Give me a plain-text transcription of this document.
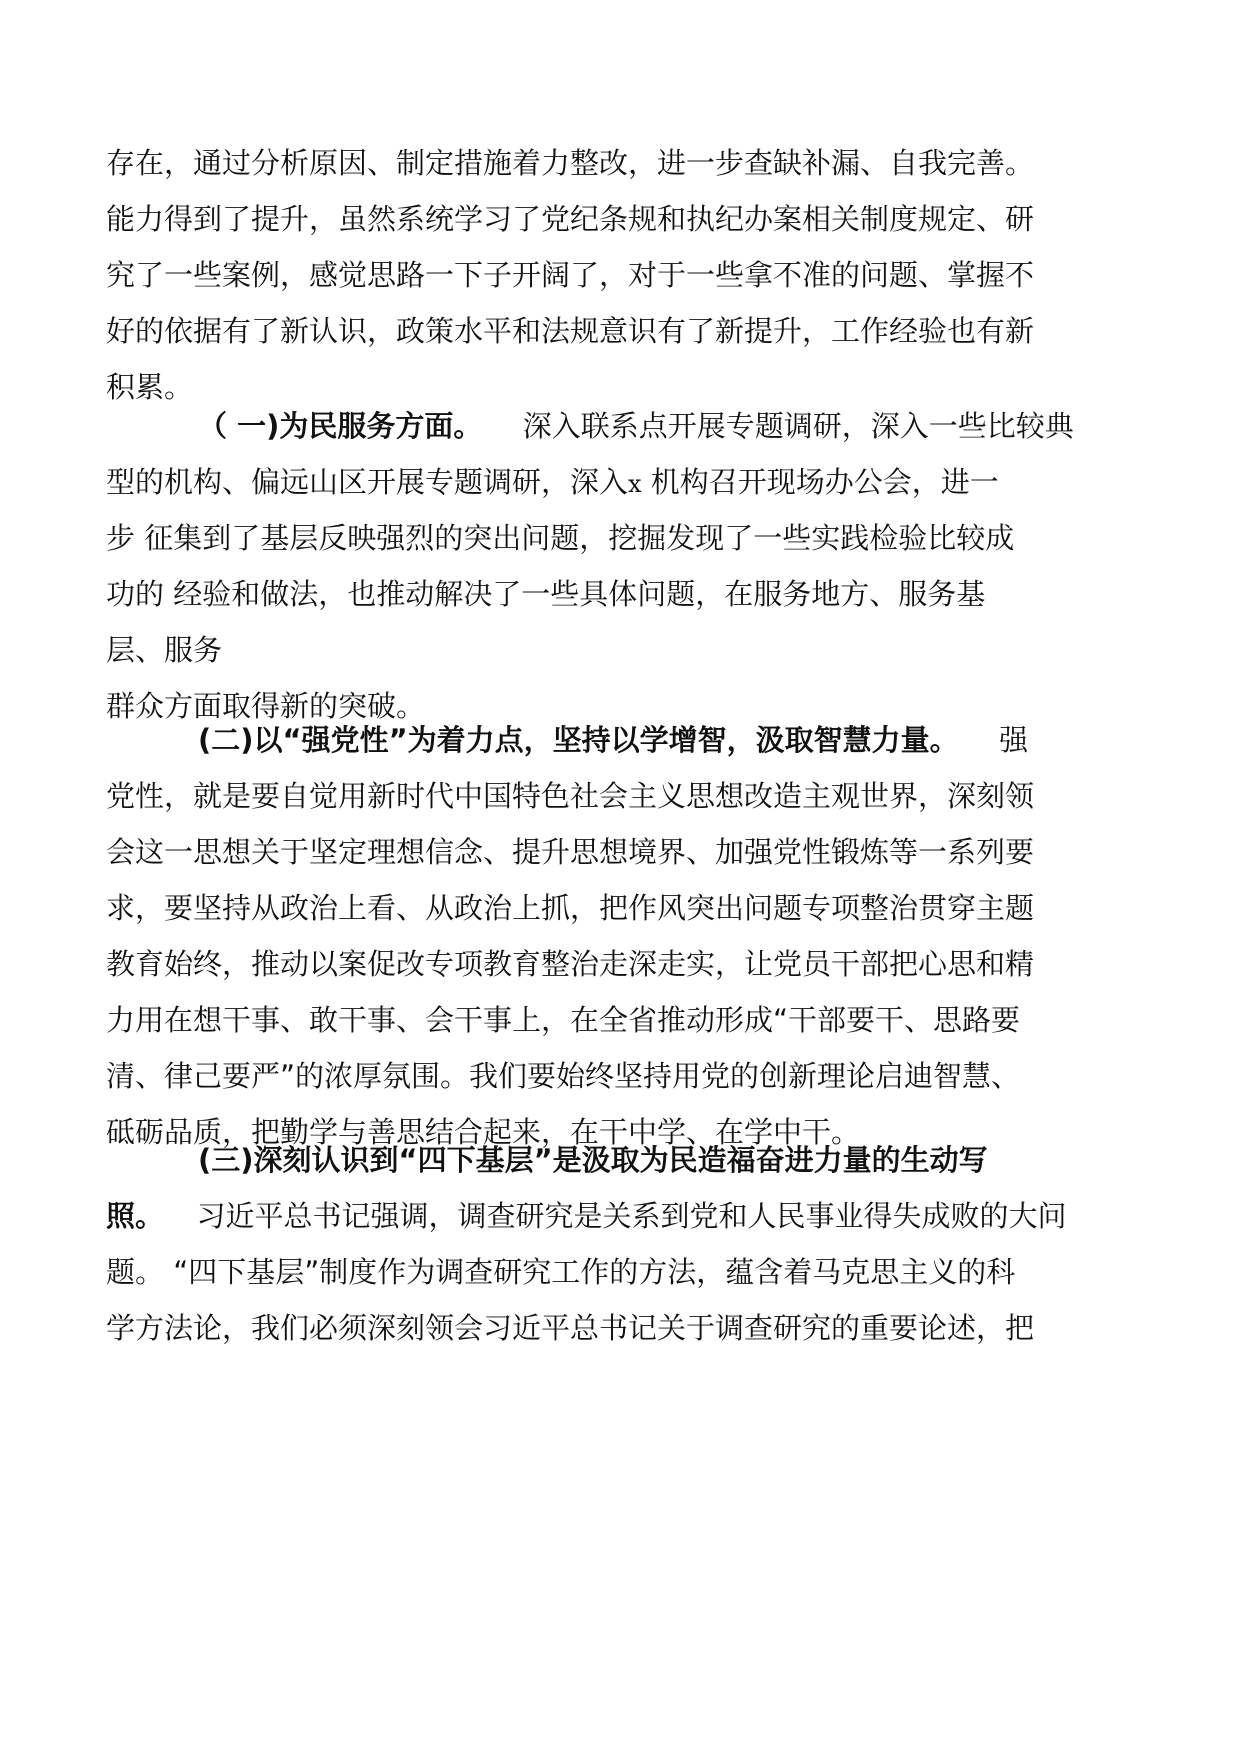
存在，通过分析原因、制定措施着力整改，进一步查缺补漏、自我完善。
能力得到了提升，虽然系统学习了党纪条规和执纪办案相关制度规定、研
究了一些案例，感觉思路一下子开阔了，对于一些拿不准的问题、掌握不
好的依据有了新认识，政策水平和法规意识有了新提升，工作经验也有新
积累。
（ 一)为民服务方面。 深入联系点开展专题调研，深入一些比较典
型的机构、偏远山区开展专题调研，深入x 机构召开现场办公会，进一
步 征集到了基层反映强烈的突出问题，挖掘发现了一些实践检验比较成
功的 经验和做法，也推动解决了一些具体问题，在服务地方、服务基
层、服务
群众方面取得新的突破。
(二)以“强党性”为着力点，坚持以学增智，汲取智慧力量。 强
党性，就是要自觉用新时代中国特色社会主义思想改造主观世界，深刻领
会这一思想关于坚定理想信念、提升思想境界、加强党性锻炼等一系列要
求，要坚持从政治上看、从政治上抓，把作风突出问题专项整治贯穿主题
教育始终，推动以案促改专项教育整治走深走实，让党员干部把心思和精
力用在想干事、敢干事、会干事上，在全省推动形成“干部要干、思路要
清、律己要严”的浓厚氛围。我们要始终坚持用党的创新理论启迪智慧、
砥砺品质，把勤学与善思结合起来，在干中学、在学中干。
(三)深刻认识到“四下基层”是汲取为民造福奋进力量的生动写
照。 习近平总书记强调，调查研究是关系到党和人民事业得失成败的大问
题。 “四下基层”制度作为调查研究工作的方法，蕴含着马克思主义的科
学方法论，我们必须深刻领会习近平总书记关于调查研究的重要论述，把
